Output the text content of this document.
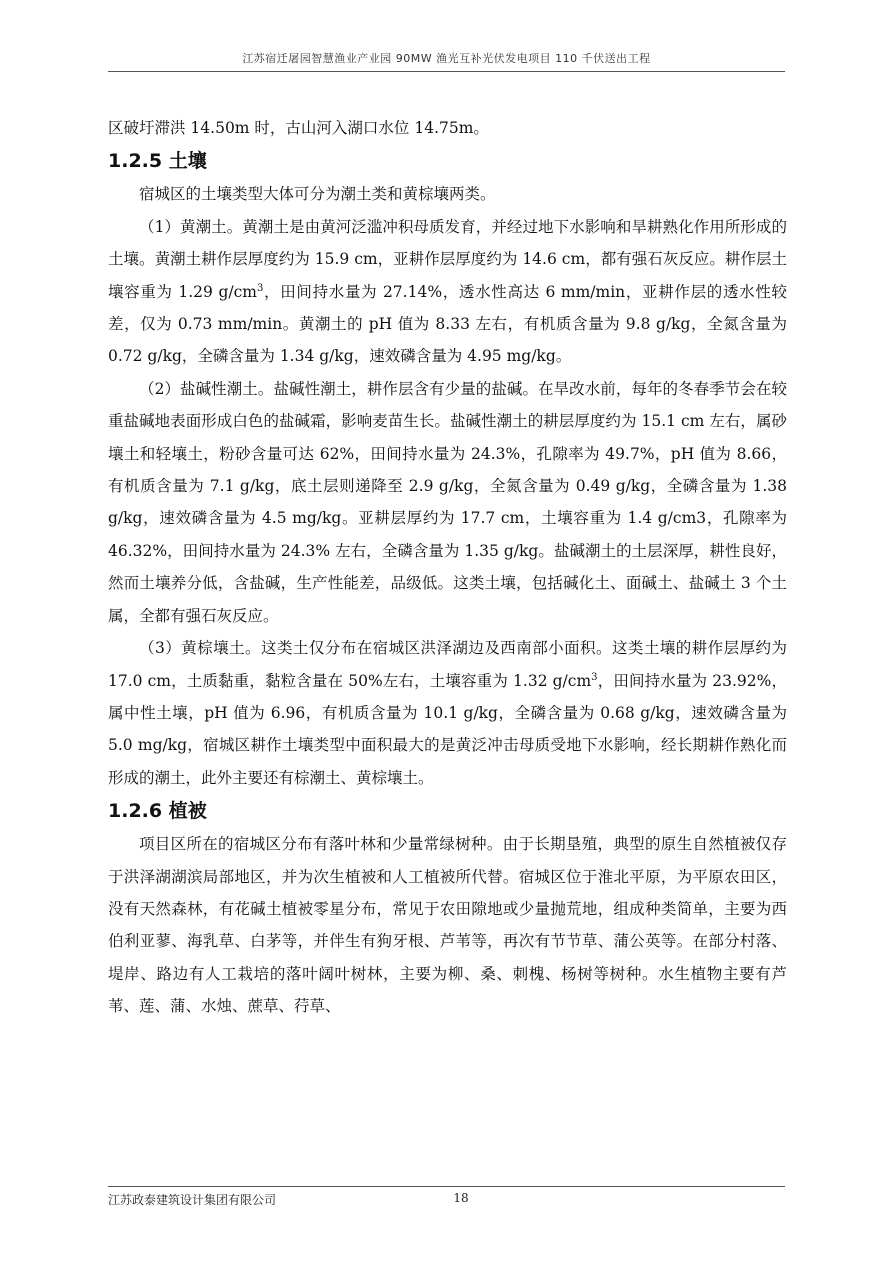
江苏宿迁屠园智慧渔业产业园 90MW 渔光互补光伏发电项目 110 千伏送出工程

区破圩滞洪 14.50m 时，古山河入湖口水位 14.75m。

1.2.5 土壤

宿城区的土壤类型大体可分为潮土类和黄棕壤两类。

（1）黄潮土。黄潮土是由黄河泛滥冲积母质发育，并经过地下水影响和旱耕熟化作用所形成的土壤。黄潮土耕作层厚度约为 15.9 cm，亚耕作层厚度约为 14.6 cm，都有强石灰反应。耕作层土壤容重为 1.29 $g/cm^3$，田间持水量为 27.14%，透水性高达 6 mm/min，亚耕作层的透水性较差，仅为 0.73 mm/min。黄潮土的 pH 值为 8.33 左右，有机质含量为 9.8 g/kg，全氮含量为 0.72 g/kg，全磷含量为 1.34 g/kg，速效磷含量为 4.95 mg/kg。

（2）盐碱性潮土。盐碱性潮土，耕作层含有少量的盐碱。在旱改水前，每年的冬春季节会在较重盐碱地表面形成白色的盐碱霜，影响麦苗生长。盐碱性潮土的耕层厚度约为 15.1 cm 左右，属砂壤土和轻壤土，粉砂含量可达 62%，田间持水量为 24.3%，孔隙率为 49.7%，pH 值为 8.66，有机质含量为 7.1 g/kg，底土层则递降至 2.9 g/kg，全氮含量为 0.49 g/kg，全磷含量为 1.38 g/kg，速效磷含量为 4.5 mg/kg。亚耕层厚约为 17.7 cm，土壤容重为 1.4 g/cm3，孔隙率为 46.32%，田间持水量为 24.3% 左右，全磷含量为 1.35 g/kg。盐碱潮土的土层深厚，耕性良好，然而土壤养分低，含盐碱，生产性能差，品级低。这类土壤，包括碱化土、面碱土、盐碱土 3 个土属，全都有强石灰反应。

（3）黄棕壤土。这类土仅分布在宿城区洪泽湖边及西南部小面积。这类土壤的耕作层厚约为 17.0 cm，土质黏重，黏粒含量在 50%左右，土壤容重为 1.32 $g/cm^3$，田间持水量为 23.92%，属中性土壤，pH 值为 6.96，有机质含量为 10.1 g/kg，全磷含量为 0.68 g/kg，速效磷含量为 5.0 mg/kg，宿城区耕作土壤类型中面积最大的是黄泛冲击母质受地下水影响，经长期耕作熟化而形成的潮土，此外主要还有棕潮土、黄棕壤土。

1.2.6 植被

项目区所在的宿城区分布有落叶林和少量常绿树种。由于长期垦殖，典型的原生自然植被仅存于洪泽湖湖滨局部地区，并为次生植被和人工植被所代替。宿城区位于淮北平原，为平原农田区，没有天然森林，有花碱土植被零星分布，常见于农田隙地或少量抛荒地，组成种类简单，主要为西伯利亚蓼、海乳草、白茅等，并伴生有狗牙根、芦苇等，再次有节节草、蒲公英等。在部分村落、堤岸、路边有人工栽培的落叶阔叶树林，主要为柳、桑、刺槐、杨树等树种。水生植物主要有芦苇、莲、蒲、水烛、蔗草、荇草、

江苏政泰建筑设计集团有限公司	18
